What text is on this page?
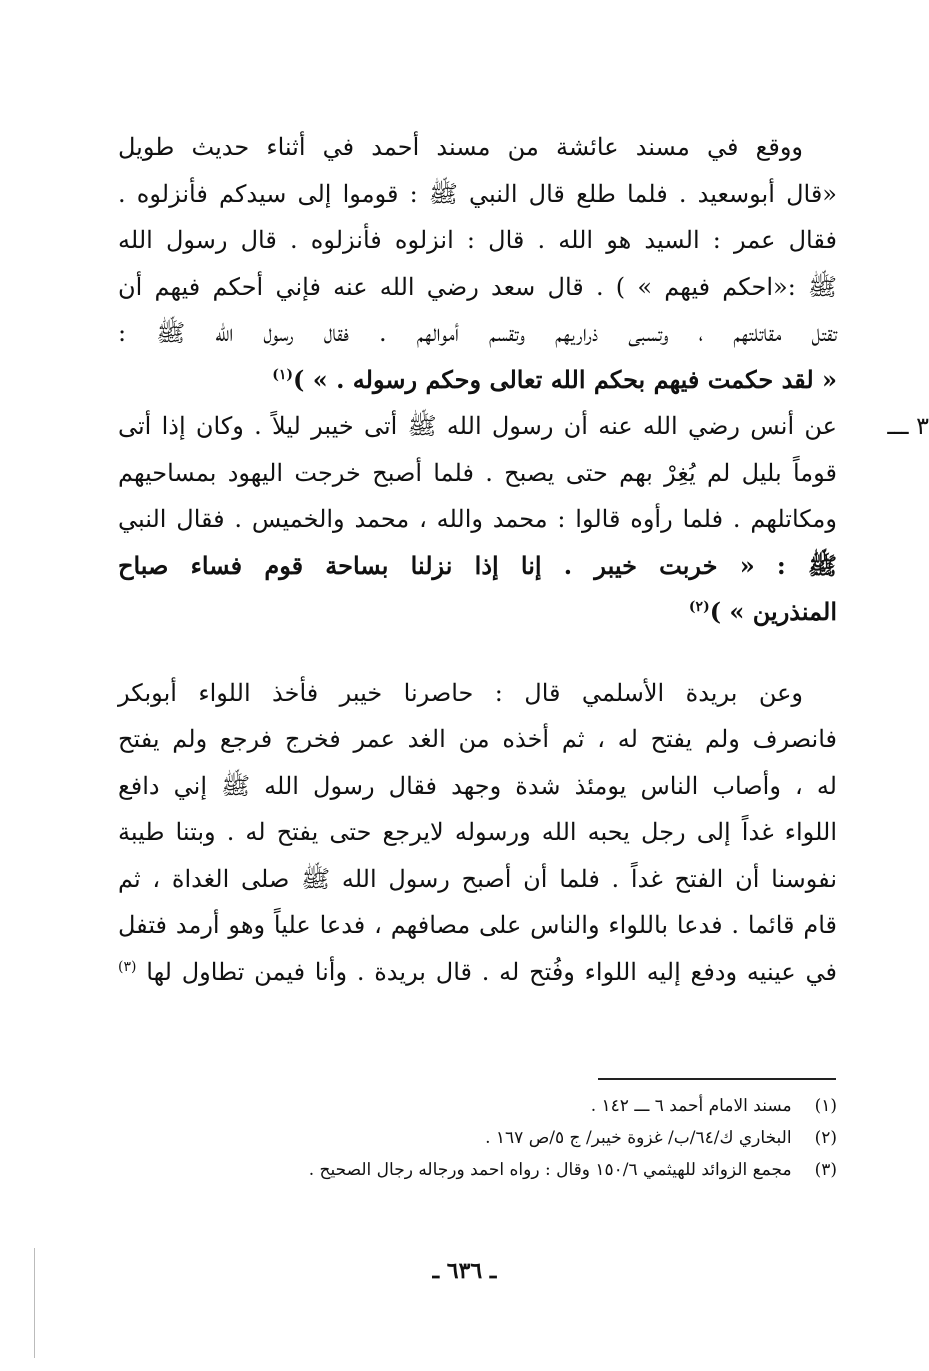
ووقع في مسند عائشة من مسند أحمد في أثناء حديث طويل
«قال أبوسعيد . فلما طلع قال النبي ﷺ : قوموا إلى سيدكم فأنزلوه .
فقال عمر : السيد هو الله . قال : انزلوه فأنزلوه . قال رسول الله
ﷺ :«احكم فيهم » ) . قال سعد رضي الله عنه فإني أحكم فيهم أن
تقتل مقاتلتهم ، وتسبى ذراريهم وتقسم أموالهم . فقال رسول الله ﷺ :
« لقد حكمت فيهم بحكم الله تعالى وحكم رسوله . » )$^{(١)}$
٣ ـــ
عن أنس رضي الله عنه أن رسول الله ﷺ أتى خيبر ليلاً . وكان إذا أتى
قوماً بليل لم يُغِرْ بهم حتى يصبح . فلما أصبح خرجت اليهود بمساحيهم
ومكاتلهم . فلما رأوه قالوا : محمد والله ، محمد والخميس . فقال النبي
ﷺ : « خربت خيبر . إنا إذا نزلنا بساحة قوم فساء صباح
المنذرين » )$^{(٢)}$
وعن بريدة الأسلمي قال : حاصرنا خيبر فأخذ اللواء أبوبكر
فانصرف ولم يفتح له ، ثم أخذه من الغد عمر فخرج فرجع ولم يفتح
له ، وأصاب الناس يومئذ شدة وجهد فقال رسول الله ﷺ إني دافع
اللواء غداً إلى رجل يحبه الله ورسوله لايرجع حتى يفتح له . وبتنا طيبة
نفوسنا أن الفتح غداً . فلما أن أصبح رسول الله ﷺ صلى الغداة ، ثم
قام قائما . فدعا باللواء والناس على مصافهم ، فدعا علياً وهو أرمد فتفل
في عينيه ودفع إليه اللواء وفُتح له . قال بريدة . وأنا فيمن تطاول لها $^{(٣)}$
(١) مسند الامام أحمد ٦ ـــ ١٤٢ .
(٢) البخاري ك/٦٤/ب/ غزوة خيبر/ ج ٥/ص ١٦٧ .
(٣) مجمع الزوائد للهيثمي ١٥٠/٦ وقال : رواه احمد ورجاله رجال الصحيح .
ـ ٦٣٦ ـ
